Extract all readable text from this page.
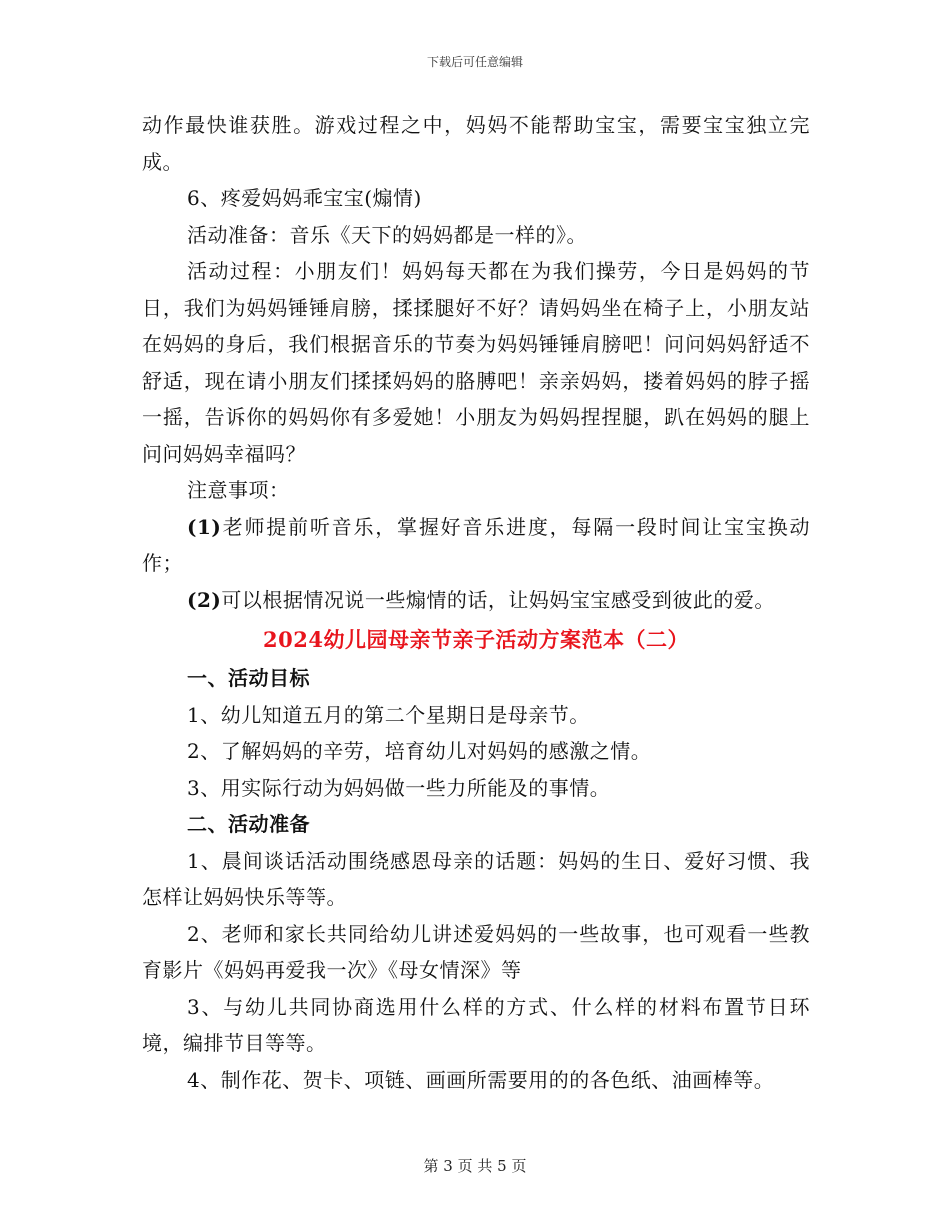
下载后可任意编辑

动作最快谁获胜。游戏过程之中，妈妈不能帮助宝宝，需要宝宝独立完成。

6、疼爱妈妈乖宝宝(煽情)

活动准备：音乐《天下的妈妈都是一样的》。

活动过程：小朋友们！妈妈每天都在为我们操劳，今日是妈妈的节日，我们为妈妈锤锤肩膀，揉揉腿好不好？请妈妈坐在椅子上，小朋友站在妈妈的身后，我们根据音乐的节奏为妈妈锤锤肩膀吧！问问妈妈舒适不舒适，现在请小朋友们揉揉妈妈的胳膊吧！亲亲妈妈，搂着妈妈的脖子摇一摇，告诉你的妈妈你有多爱她！小朋友为妈妈捏捏腿，趴在妈妈的腿上问问妈妈幸福吗？

注意事项：

(1)老师提前听音乐，掌握好音乐进度，每隔一段时间让宝宝换动作；

(2)可以根据情况说一些煽情的话，让妈妈宝宝感受到彼此的爱。

2024幼儿园母亲节亲子活动方案范本（二）

一、活动目标

1、幼儿知道五月的第二个星期日是母亲节。

2、了解妈妈的辛劳，培育幼儿对妈妈的感激之情。

3、用实际行动为妈妈做一些力所能及的事情。

二、活动准备

1、晨间谈话活动围绕感恩母亲的话题：妈妈的生日、爱好习惯、我怎样让妈妈快乐等等。

2、老师和家长共同给幼儿讲述爱妈妈的一些故事，也可观看一些教育影片《妈妈再爱我一次》《母女情深》等

3、与幼儿共同协商选用什么样的方式、什么样的材料布置节日环境，编排节目等等。

4、制作花、贺卡、项链、画画所需要用的的各色纸、油画棒等。

第 3 页 共 5 页
